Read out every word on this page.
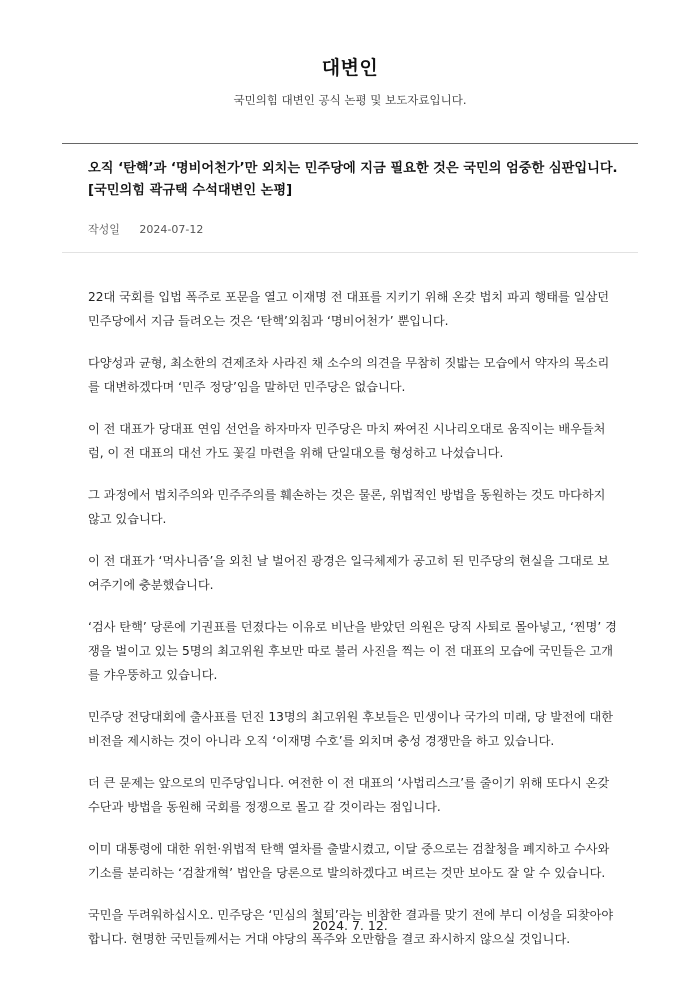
대변인
국민의힘 대변인 공식 논평 및 보도자료입니다.
오직 ‘탄핵’과 ‘명비어천가’만 외치는 민주당에 지금 필요한 것은 국민의 엄중한 심판입니다. [국민의힘 곽규택 수석대변인 논평]
작성일 2024-07-12

22대 국회를 입법 폭주로 포문을 열고 이재명 전 대표를 지키기 위해 온갖 법치 파괴 행태를 일삼던 민주당에서 지금 들려오는 것은 ‘탄핵’외침과 ‘명비어천가’ 뿐입니다.

다양성과 균형, 최소한의 견제조차 사라진 채 소수의 의견을 무참히 짓밟는 모습에서 약자의 목소리를 대변하겠다며 ‘민주 정당’임을 말하던 민주당은 없습니다.

이 전 대표가 당대표 연임 선언을 하자마자 민주당은 마치 짜여진 시나리오대로 움직이는 배우들처럼, 이 전 대표의 대선 가도 꽃길 마련을 위해 단일대오를 형성하고 나섰습니다.

그 과정에서 법치주의와 민주주의를 훼손하는 것은 물론, 위법적인 방법을 동원하는 것도 마다하지 않고 있습니다.

이 전 대표가 ‘먹사니즘’을 외친 날 벌어진 광경은 일극체제가 공고히 된 민주당의 현실을 그대로 보여주기에 충분했습니다.

‘검사 탄핵’ 당론에 기권표를 던졌다는 이유로 비난을 받았던 의원은 당직 사퇴로 몰아넣고, ‘찐명’ 경쟁을 벌이고 있는 5명의 최고위원 후보만 따로 불러 사진을 찍는 이 전 대표의 모습에 국민들은 고개를 갸우뚱하고 있습니다.

민주당 전당대회에 출사표를 던진 13명의 최고위원 후보들은 민생이나 국가의 미래, 당 발전에 대한 비전을 제시하는 것이 아니라 오직 ‘이재명 수호’를 외치며 충성 경쟁만을 하고 있습니다.

더 큰 문제는 앞으로의 민주당입니다. 여전한 이 전 대표의 ‘사법리스크’를 줄이기 위해 또다시 온갖 수단과 방법을 동원해 국회를 정쟁으로 몰고 갈 것이라는 점입니다.

이미 대통령에 대한 위헌·위법적 탄핵 열차를 출발시켰고, 이달 중으로는 검찰청을 폐지하고 수사와 기소를 분리하는 ‘검찰개혁’ 법안을 당론으로 발의하겠다고 벼르는 것만 보아도 잘 알 수 있습니다.

국민을 두려워하십시오. 민주당은 ‘민심의 철퇴’라는 비참한 결과를 맞기 전에 부디 이성을 되찾아야 합니다. 현명한 국민들께서는 거대 야당의 폭주와 오만함을 결코 좌시하지 않으실 것입니다.

2024. 7. 12.
